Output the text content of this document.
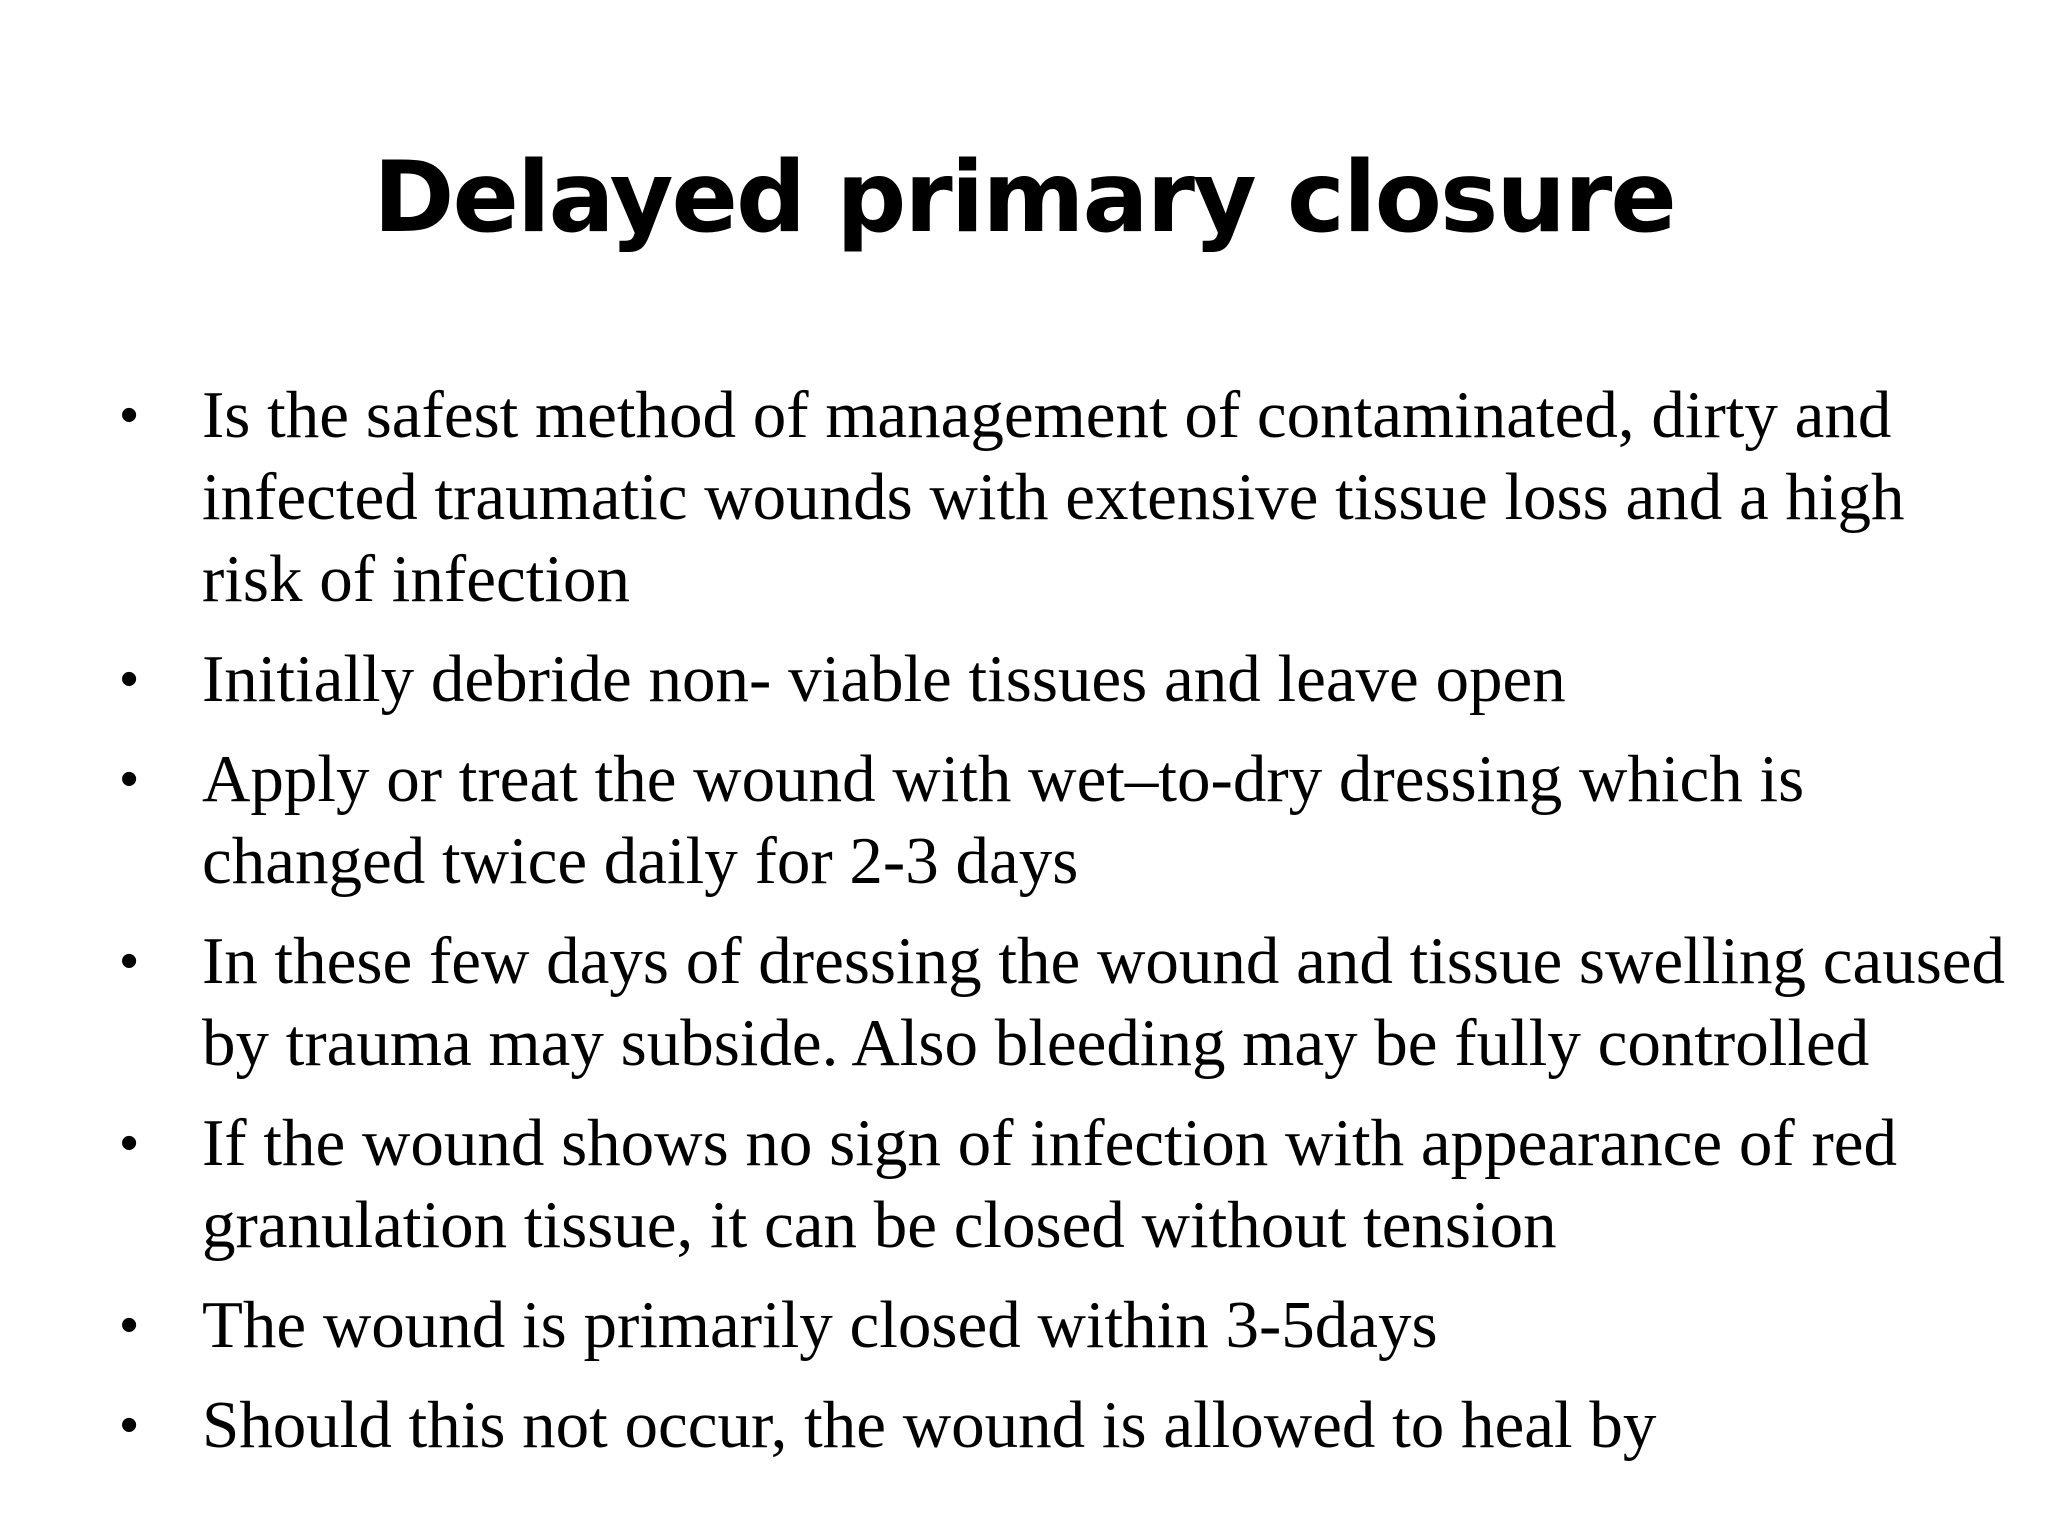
Delayed primary closure
• Is the safest method of management of contaminated, dirty and infected traumatic wounds with extensive tissue loss and a high risk of infection
• Initially debride non- viable tissues and leave open
• Apply or treat the wound with wet–to-dry dressing which is changed twice daily for 2-3 days
• In these few days of dressing the wound and tissue swelling caused by trauma may subside. Also bleeding may be fully controlled
• If the wound shows no sign of infection with appearance of red granulation tissue, it can be closed without tension
• The wound is primarily closed within 3-5days
• Should this not occur, the wound is allowed to heal by
